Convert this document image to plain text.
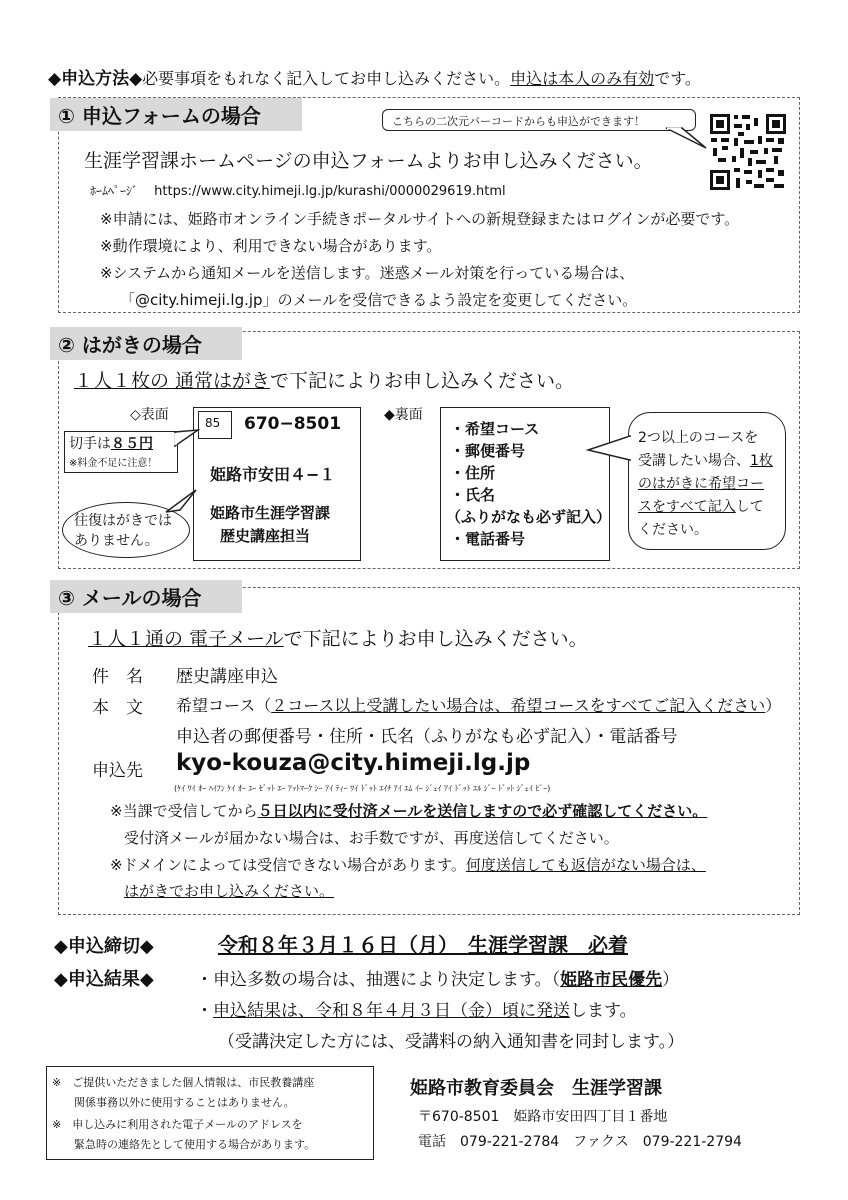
◆申込方法◆必要事項をもれなく記入してお申し込みください。申込は本人のみ有効です。
① 申込フォームの場合	こちらの二次元バーコードからも申込ができます！
生涯学習課ホームページの申込フォームよりお申し込みください。
ﾎｰﾑﾍﾟｰｼﾞ https://www.city.himeji.lg.jp/kurashi/0000029619.html
※申請には、姫路市オンライン手続きポータルサイトへの新規登録またはログインが必要です。
※動作環境により、利用できない場合があります。
※システムから通知メールを送信します。迷惑メール対策を行っている場合は、
「@city.himeji.lg.jp」のメールを受信できるよう設定を変更してください。
② はがきの場合
１人１枚の 通常はがきで下記によりお申し込みください。
◇表面	85 670−8501
切手は８５円
※料金不足に注意！
姫路市安田４−１
姫路市生涯学習課
歴史講座担当
往復はがきでは
ありません。
◆裏面
・希望コース
・郵便番号
・住所
・氏名
（ふりがなも必ず記入）
・電話番号
2つ以上のコースを
受講したい場合、1枚
のはがきに希望コー
スをすべて記入して
ください。
③ メールの場合
１人１通の 電子メールで下記によりお申し込みください。
件　名 歴史講座申込
本　文 希望コース（２コース以上受講したい場合は、希望コースをすべてご記入ください）
申込者の郵便番号・住所・氏名（ふりがなも必ず記入）・電話番号
申込先 kyo-kouza@city.himeji.lg.jp
(ｹｲ ﾜｲ ｵｰ ﾊｲﾌﾝ ｹｲ ｵｰ ﾕｰ ｾﾞｯﾄ ｴｰ ｱｯﾄﾏｰｸ ｼｰ ｱｲ ﾃｨｰ ﾜｲ ﾄﾞｯﾄ ｴｲﾁ ｱｲ ｴﾑ ｲｰ ｼﾞｪｲ ｱｲ ﾄﾞｯﾄ ｴﾙ ｼﾞｰ ﾄﾞｯﾄ ｼﾞｪｲ ﾋﾟｰ)
※当課で受信してから５日以内に受付済メールを送信しますので必ず確認してください。
受付済メールが届かない場合は、お手数ですが、再度送信してください。
※ドメインによっては受信できない場合があります。何度送信しても返信がない場合は、
はがきでお申し込みください。
◆申込締切◆	令和８年３月１６日（月）　生涯学習課　必着
◆申込結果◆ ・申込多数の場合は、抽選により決定します。（姫路市民優先）
・申込結果は、令和８年４月３日（金）頃に発送します。
（受講決定した方には、受講料の納入通知書を同封します。）
※　ご提供いただきました個人情報は、市民教養講座
　　関係事務以外に使用することはありません。
※　申し込みに利用された電子メールのアドレスを
　　緊急時の連絡先として使用する場合があります。
姫路市教育委員会　生涯学習課
〒670-8501　姫路市安田四丁目１番地
電話　079-221-2784　ファクス　079-221-2794
